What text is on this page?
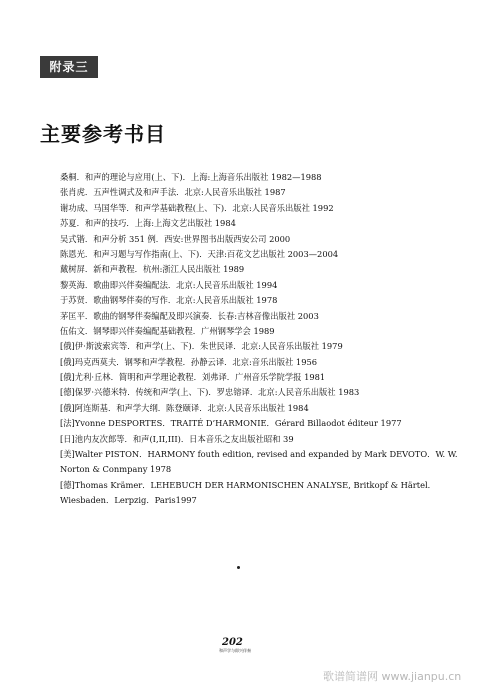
附录三
主要参考书目
桑桐．和声的理论与应用(上、下)．上海:上海音乐出版社 1982—1988
张肖虎．五声性调式及和声手法．北京:人民音乐出版社 1987
谢功成、马国华等．和声学基础教程(上、下)．北京:人民音乐出版社 1992
苏夏．和声的技巧．上海:上海文艺出版社 1984
吴式锴．和声分析 351 例．西安:世界图书出版西安公司 2000
陈恩光．和声习题与写作指南(上、下)．天津:百花文艺出版社 2003—2004
戴树屏．新和声教程．杭州:浙江人民出版社 1989
黎英海．歌曲即兴伴奏编配法．北京:人民音乐出版社 1994
于苏贤．歌曲钢琴伴奏的写作．北京:人民音乐出版社 1978
茅匡平．歌曲的钢琴伴奏编配及即兴演奏．长春:吉林音像出版社 2003
伍佑文．钢琴即兴伴奏编配基础教程．广州钢琴学会 1989
[俄]伊·斯波索宾等．和声学(上、下)．朱世民译．北京:人民音乐出版社 1979
[俄]玛克西莫夫．钢琴和声学教程．孙静云译．北京:音乐出版社 1956
[俄]尤利·丘林．简明和声学理论教程．刘弗译．广州音乐学院学报 1981
[德]保罗·兴德米特．传统和声学(上、下)．罗忠镕译．北京:人民音乐出版社 1983
[俄]阿连斯基．和声学大纲．陈登颐译．北京:人民音乐出版社 1984
[法]Yvonne DESPORTES．TRAITÉ D’HARMONIE．Gérard Billaodot éditeur 1977
[日]池内友次郎等．和声(I,II,III)．日本音乐之友出版社昭和 39
[美]Walter PISTON．HARMONY fouth edition, revised and expanded by Mark DEVOTO．W. W. Norton & Conmpany 1978
[德]Thomas Krämer．LEHEBUCH DER HARMONISCHEN ANALYSE, Britkopf & Härtel．Wiesbaden．Lerpzig．Paris1997
202
和声学与即兴伴奏
歌谱简谱网 www.jianpu.cn
